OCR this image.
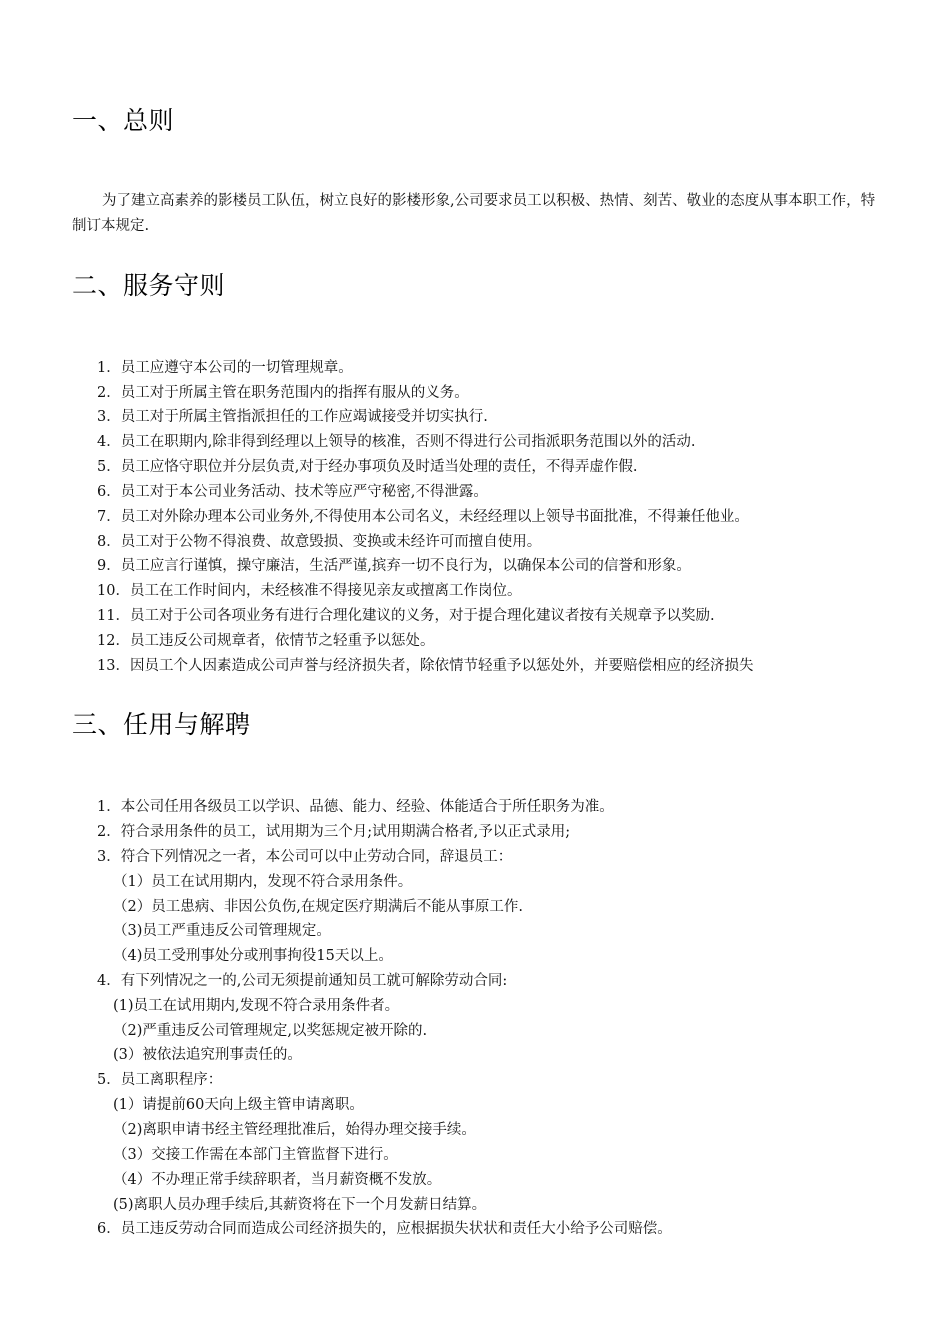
一、总则

为了建立高素养的影楼员工队伍，树立良好的影楼形象,公司要求员工以积极、热情、刻苦、敬业的态度从事本职工作，特制订本规定.

二、服务守则

1．员工应遵守本公司的一切管理规章。

2．员工对于所属主管在职务范围内的指挥有服从的义务。

3．员工对于所属主管指派担任的工作应竭诚接受并切实执行.

4．员工在职期内,除非得到经理以上领导的核准，否则不得进行公司指派职务范围以外的活动.

5．员工应恪守职位并分层负责,对于经办事项负及时适当处理的责任，不得弄虚作假.

6．员工对于本公司业务活动、技术等应严守秘密,不得泄露。

7．员工对外除办理本公司业务外,不得使用本公司名义，未经经理以上领导书面批准，不得兼任他业。

8．员工对于公物不得浪费、故意毁损、变换或未经许可而擅自使用。

9．员工应言行谨慎，操守廉洁，生活严谨,摈弃一切不良行为，以确保本公司的信誉和形象。

10．员工在工作时间内，未经核准不得接见亲友或擅离工作岗位。

11．员工对于公司各项业务有进行合理化建议的义务，对于提合理化建议者按有关规章予以奖励.

12．员工违反公司规章者，依情节之轻重予以惩处。

13．因员工个人因素造成公司声誉与经济损失者，除依情节轻重予以惩处外，并要赔偿相应的经济损失

三、任用与解聘

1．本公司任用各级员工以学识、品德、能力、经验、体能适合于所任职务为准。

2．符合录用条件的员工，试用期为三个月;试用期满合格者,予以正式录用;

3．符合下列情况之一者，本公司可以中止劳动合同，辞退员工：

（1）员工在试用期内，发现不符合录用条件。

（2）员工患病、非因公负伤,在规定医疗期满后不能从事原工作.

（3)员工严重违反公司管理规定。

（4)员工受刑事处分或刑事拘役15天以上。

4．有下列情况之一的,公司无须提前通知员工就可解除劳动合同:

(1)员工在试用期内,发现不符合录用条件者。

（2)严重违反公司管理规定,以奖惩规定被开除的.

(3）被依法追究刑事责任的。

5．员工离职程序：

(1）请提前60天向上级主管申请离职。

（2)离职申请书经主管经理批准后，始得办理交接手续。

（3）交接工作需在本部门主管监督下进行。

（4）不办理正常手续辞职者，当月薪资概不发放。

(5)离职人员办理手续后,其薪资将在下一个月发薪日结算。

6．员工违反劳动合同而造成公司经济损失的，应根据损失状状和责任大小给予公司赔偿。
